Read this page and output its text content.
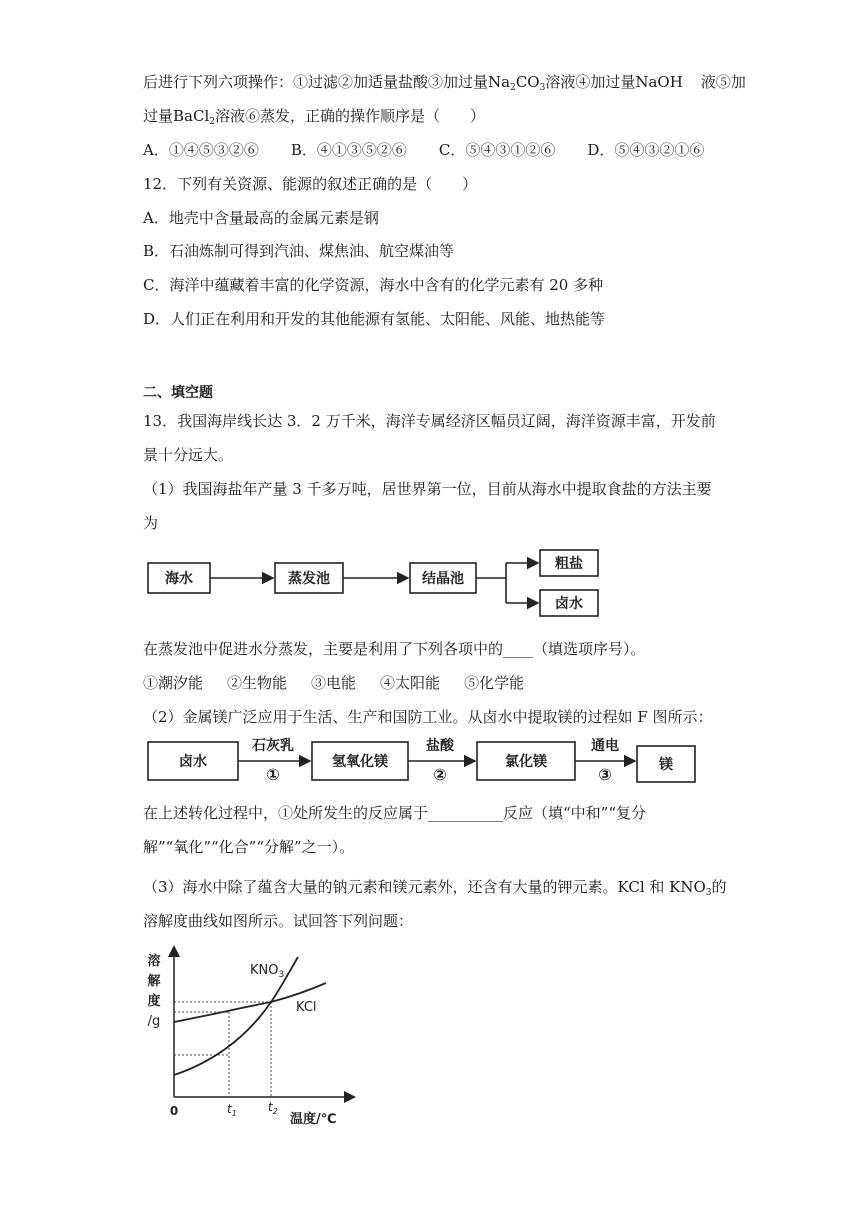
后进行下列六项操作：①过滤②加适量盐酸③加过量$Na_2CO_3$溶液④加过量NaOH 液⑤加
过量BaCl$_2$溶液⑥蒸发，正确的操作顺序是（　　）
A．①④⑤③②⑥ B．④①③⑤②⑥ C．⑤④③①②⑥ D．⑤④③②①⑥
12．下列有关资源、能源的叙述正确的是（　　）
A．地壳中含量最高的金属元素是钢
B．石油炼制可得到汽油、煤焦油、航空煤油等
C．海洋中蕴藏着丰富的化学资源，海水中含有的化学元素有 20 多种
D．人们正在利用和开发的其他能源有氢能、太阳能、风能、地热能等
二、填空题
13．我国海岸线长达 3．2 万千米，海洋专属经济区幅员辽阔，海洋资源丰富，开发前
景十分远大。
（1）我国海盐年产量 3 千多万吨，居世界第一位，目前从海水中提取食盐的方法主要
为
海水	蒸发池	结晶池
粗盐
卤水
在蒸发池中促进水分蒸发，主要是利用了下列各项中的____（填选项序号）。
①潮汐能 ②生物能 ③电能 ④太阳能 ⑤化学能
（2）金属镁广泛应用于生活、生产和国防工业。从卤水中提取镁的过程如 F 图所示：
卤水	氢氧化镁	氯化镁	镁
石灰乳	盐酸	通电
①	②	③
在上述转化过程中，①处所发生的反应属于__________反应（填“中和”“复分
解”“氧化”“化合”“分解”之一）。
（3）海水中除了蕴含大量的钠元素和镁元素外，还含有大量的钾元素。KCl 和 $KNO_3$的
溶解度曲线如图所示。试回答下列问题：
溶
解
度
/g
$KNO_3$
KCl
0	$t_1$	$t_2$
温度/℃
